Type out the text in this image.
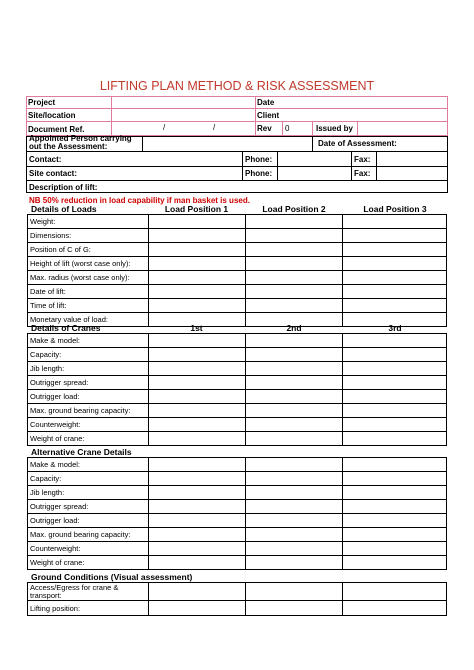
LIFTING PLAN METHOD & RISK ASSESSMENT
Project	Date
Site/location	Client
Document Ref.	/	/	Rev 0	Issued by
Appointed Person carrying out the Assessment:	Date of Assessment:
Contact:	Phone:	Fax:
Site contact:	Phone:	Fax:
Description of lift:
NB 50% reduction in load capability if man basket is used.
Details of Loads	Load Position 1	Load Position 2	Load Position 3
Weight:			
Dimensions:			
Position of C of G:			
Height of lift (worst case only):			
Max. radius (worst case only):			
Date of lift:			
Time of lift:			
Monetary value of load:			
Details of Cranes	1st	2nd	3rd
Make & model:			
Capacity:			
Jib length:			
Outrigger spread:			
Outrigger load:			
Max. ground bearing capacity:			
Counterweight:			
Weight of crane:			
Alternative Crane Details
Make & model:			
Capacity:			
Jib length:			
Outrigger spread:			
Outrigger load:			
Max. ground bearing capacity:			
Counterweight:			
Weight of crane:			
Ground Conditions (Visual assessment)
Access/Egress for crane & transport:			
Lifting position:			
